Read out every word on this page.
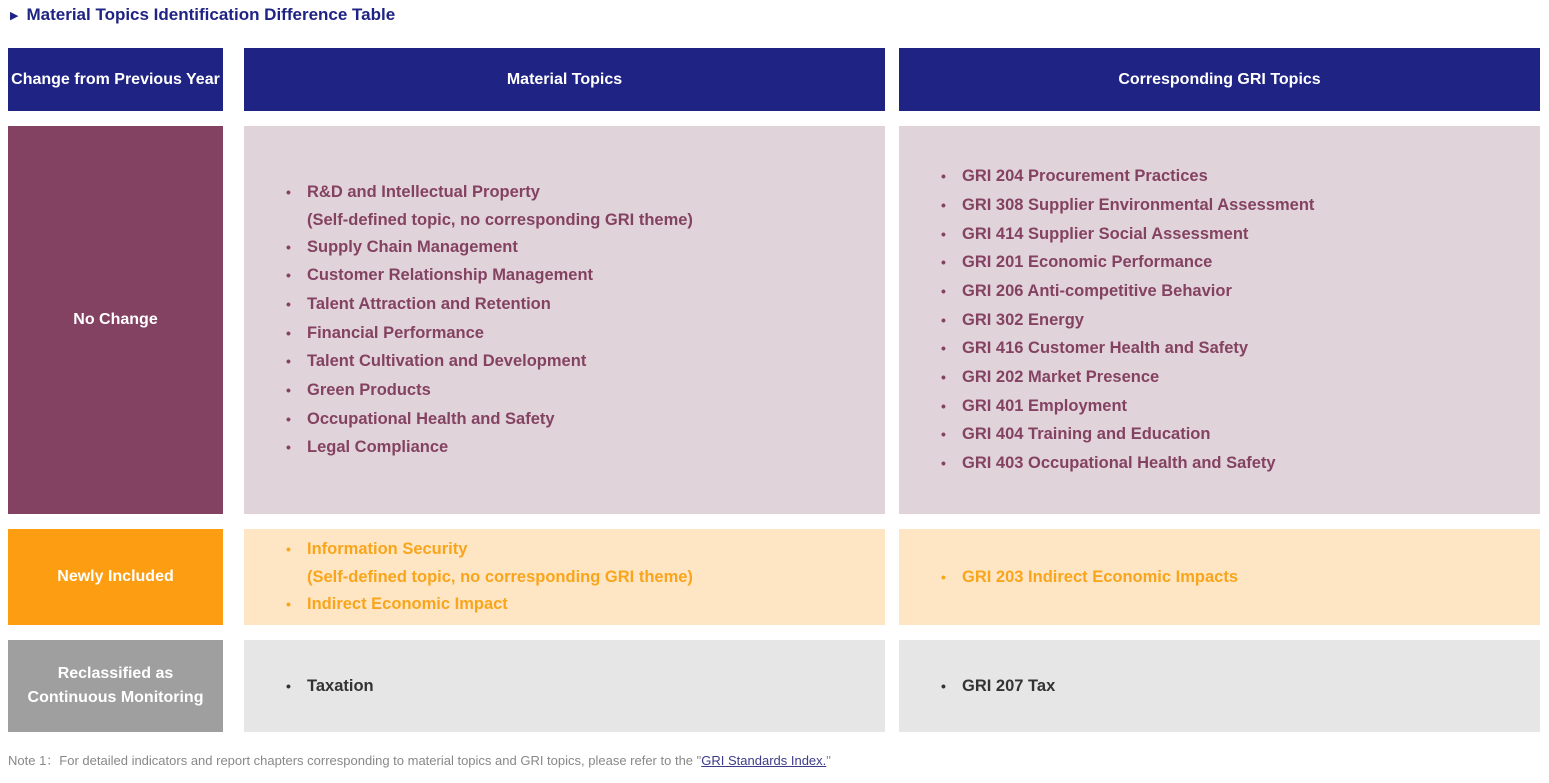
▶ Material Topics Identification Difference Table
Change from Previous Year	Material Topics	Corresponding GRI Topics
No Change
• R&D and Intellectual Property
(Self-defined topic, no corresponding GRI theme)
• Supply Chain Management
• Customer Relationship Management
• Talent Attraction and Retention
• Financial Performance
• Talent Cultivation and Development
• Green Products
• Occupational Health and Safety
• Legal Compliance
• GRI 204 Procurement Practices
• GRI 308 Supplier Environmental Assessment
• GRI 414 Supplier Social Assessment
• GRI 201 Economic Performance
• GRI 206 Anti-competitive Behavior
• GRI 302 Energy
• GRI 416 Customer Health and Safety
• GRI 202 Market Presence
• GRI 401 Employment
• GRI 404 Training and Education
• GRI 403 Occupational Health and Safety
Newly Included
• Information Security
(Self-defined topic, no corresponding GRI theme)
• Indirect Economic Impact
• GRI 203 Indirect Economic Impacts
Reclassified as Continuous Monitoring
• Taxation
•	GRI 207 Tax
Note 1：For detailed indicators and report chapters corresponding to material topics and GRI topics, please refer to the "GRI Standards Index."
